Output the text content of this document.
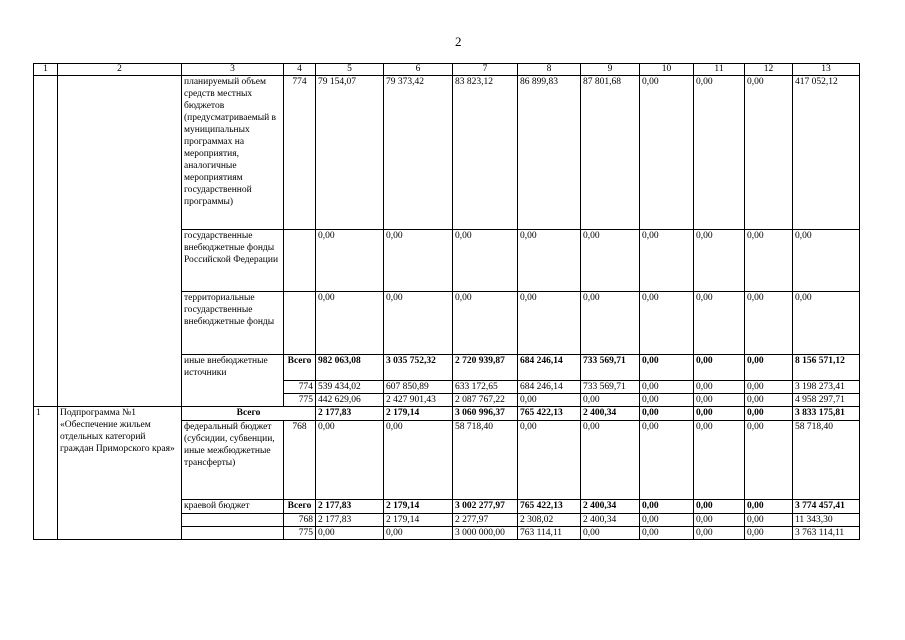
2
1	2	3	4	5	6	7	8	9	10	11	12	13
		планируемый объем средств местных бюджетов (предусматриваемый в муниципальных программах на мероприятия, аналогичные мероприятиям государственной программы)	774	79 154,07	79 373,42	83 823,12	86 899,83	87 801,68	0,00	0,00	0,00	417 052,12
		государственные внебюджетные фонды Российской Федерации		0,00	0,00	0,00	0,00	0,00	0,00	0,00	0,00	0,00
		территориальные государственные внебюджетные фонды		0,00	0,00	0,00	0,00	0,00	0,00	0,00	0,00	0,00
		иные внебюджетные источники	Всего	982 063,08	3 035 752,32	2 720 939,87	684 246,14	733 569,71	0,00	0,00	0,00	8 156 571,12
			774	539 434,02	607 850,89	633 172,65	684 246,14	733 569,71	0,00	0,00	0,00	3 198 273,41
			775	442 629,06	2 427 901,43	2 087 767,22	0,00	0,00	0,00	0,00	0,00	4 958 297,71
1	Подпрограмма №1 «Обеспечение жильем отдельных категорий граждан Приморского края»	Всего		2 177,83	2 179,14	3 060 996,37	765 422,13	2 400,34	0,00	0,00	0,00	3 833 175,81
		федеральный бюджет (субсидии, субвенции, иные межбюджетные трансферты)	768	0,00	0,00	58 718,40	0,00	0,00	0,00	0,00	0,00	58 718,40
		краевой бюджет	Всего	2 177,83	2 179,14	3 002 277,97	765 422,13	2 400,34	0,00	0,00	0,00	3 774 457,41
			768	2 177,83	2 179,14	2 277,97	2 308,02	2 400,34	0,00	0,00	0,00	11 343,30
			775	0,00	0,00	3 000 000,00	763 114,11	0,00	0,00	0,00	0,00	3 763 114,11
